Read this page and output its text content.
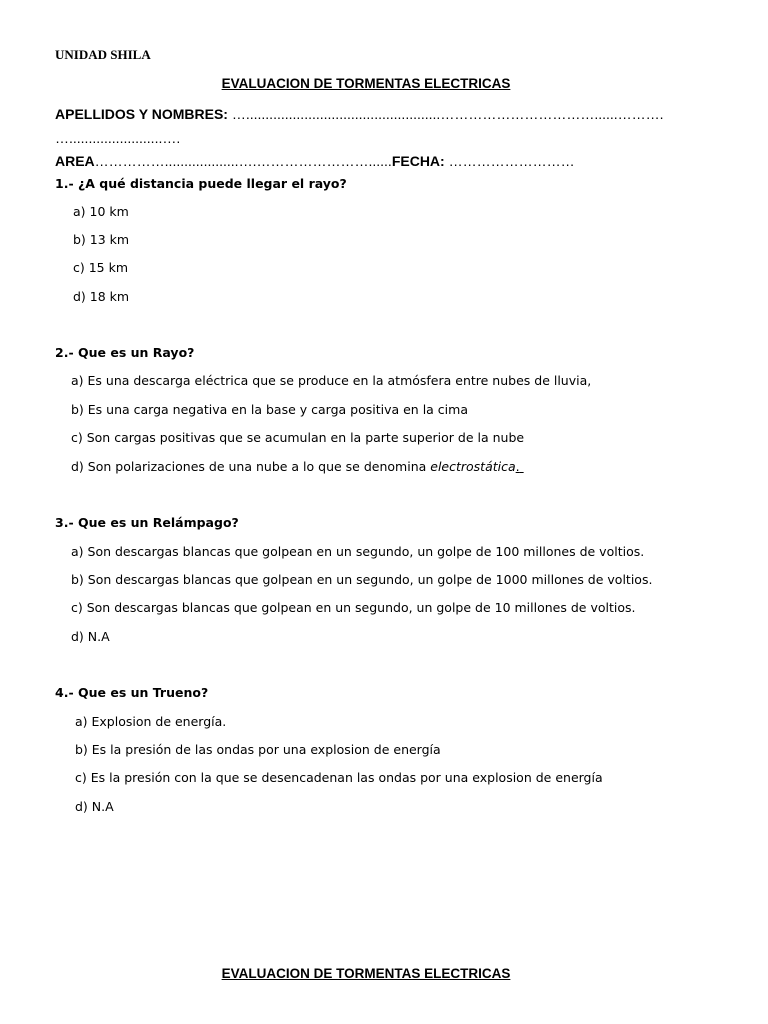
UNIDAD SHILA
EVALUACION DE TORMENTAS ELECTRICAS
APELLIDOS Y NOMBRES: …..................................................……………………………......……….
…........................….
AREA……………...................….……………………......FECHA: ………………………
1.- ¿A qué distancia puede llegar el rayo?
a) 10 km
b) 13 km
c) 15 km
d) 18 km
2.- Que es un Rayo?
a) Es una descarga eléctrica que se produce en la atmósfera entre nubes de lluvia,
b) Es una carga negativa en la base y carga positiva en la cima
c) Son cargas positivas que se acumulan en la parte superior de la nube
d) Son polarizaciones de una nube a lo que se denomina electrostática.
3.- Que es un Relámpago?
a) Son descargas blancas que golpean en un segundo, un golpe de 100 millones de voltios.
b) Son descargas blancas que golpean en un segundo, un golpe de 1000 millones de voltios.
c) Son descargas blancas que golpean en un segundo, un golpe de 10 millones de voltios.
d) N.A
4.- Que es un Trueno?
a) Explosion de energía.
b) Es la presión de las ondas por una explosion de energía
c) Es la presión con la que se desencadenan las ondas por una explosion de energía
d) N.A
EVALUACION DE TORMENTAS ELECTRICAS
